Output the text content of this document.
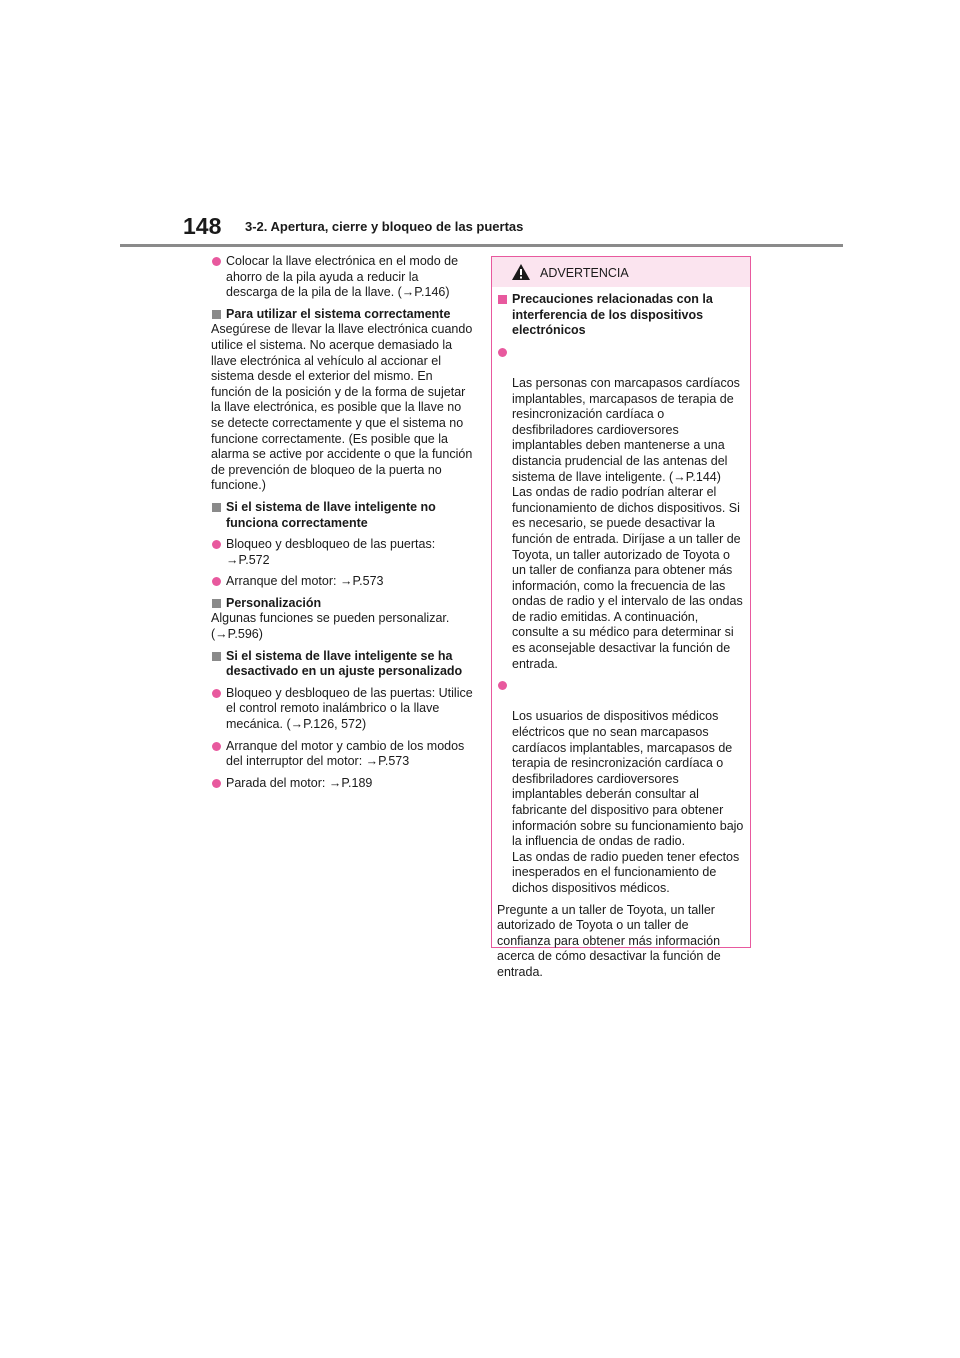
148 3-2. Apertura, cierre y bloqueo de las puertas
Colocar la llave electrónica en el modo de ahorro de la pila ayuda a reducir la descarga de la pila de la llave. (→P.146)
Para utilizar el sistema correctamente
Asegúrese de llevar la llave electrónica cuando utilice el sistema. No acerque demasiado la llave electrónica al vehículo al accionar el sistema desde el exterior del mismo. En función de la posición y de la forma de sujetar la llave electrónica, es posible que la llave no se detecte correctamente y que el sistema no funcione correctamente. (Es posible que la alarma se active por accidente o que la función de prevención de bloqueo de la puerta no funcione.)
Si el sistema de llave inteligente no funciona correctamente
Bloqueo y desbloqueo de las puertas: →P.572
Arranque del motor: →P.573
Personalización
Algunas funciones se pueden personalizar. (→P.596)
Si el sistema de llave inteligente se ha desactivado en un ajuste personalizado
Bloqueo y desbloqueo de las puertas: Utilice el control remoto inalámbrico o la llave mecánica. (→P.126, 572)
Arranque del motor y cambio de los modos del interruptor del motor: →P.573
Parada del motor: →P.189
ADVERTENCIA
Precauciones relacionadas con la interferencia de los dispositivos electrónicos

Las personas con marcapasos cardíacos implantables, marcapasos de terapia de resincronización cardíaca o desfibriladores cardioversores implantables deben mantenerse a una distancia prudencial de las antenas del sistema de llave inteligente. (→P.144)
Las ondas de radio podrían alterar el funcionamiento de dichos dispositivos. Si es necesario, se puede desactivar la función de entrada. Diríjase a un taller de Toyota, un taller autorizado de Toyota o un taller de confianza para obtener más información, como la frecuencia de las ondas de radio y el intervalo de las ondas de radio emitidas. A continuación, consulte a su médico para determinar si es aconsejable desactivar la función de entrada.

Los usuarios de dispositivos médicos eléctricos que no sean marcapasos cardíacos implantables, marcapasos de terapia de resincronización cardíaca o desfibriladores cardioversores implantables deberán consultar al fabricante del dispositivo para obtener información sobre su funcionamiento bajo la influencia de ondas de radio.
Las ondas de radio pueden tener efectos inesperados en el funcionamiento de dichos dispositivos médicos.

Pregunte a un taller de Toyota, un taller autorizado de Toyota o un taller de confianza para obtener más información acerca de cómo desactivar la función de entrada.
